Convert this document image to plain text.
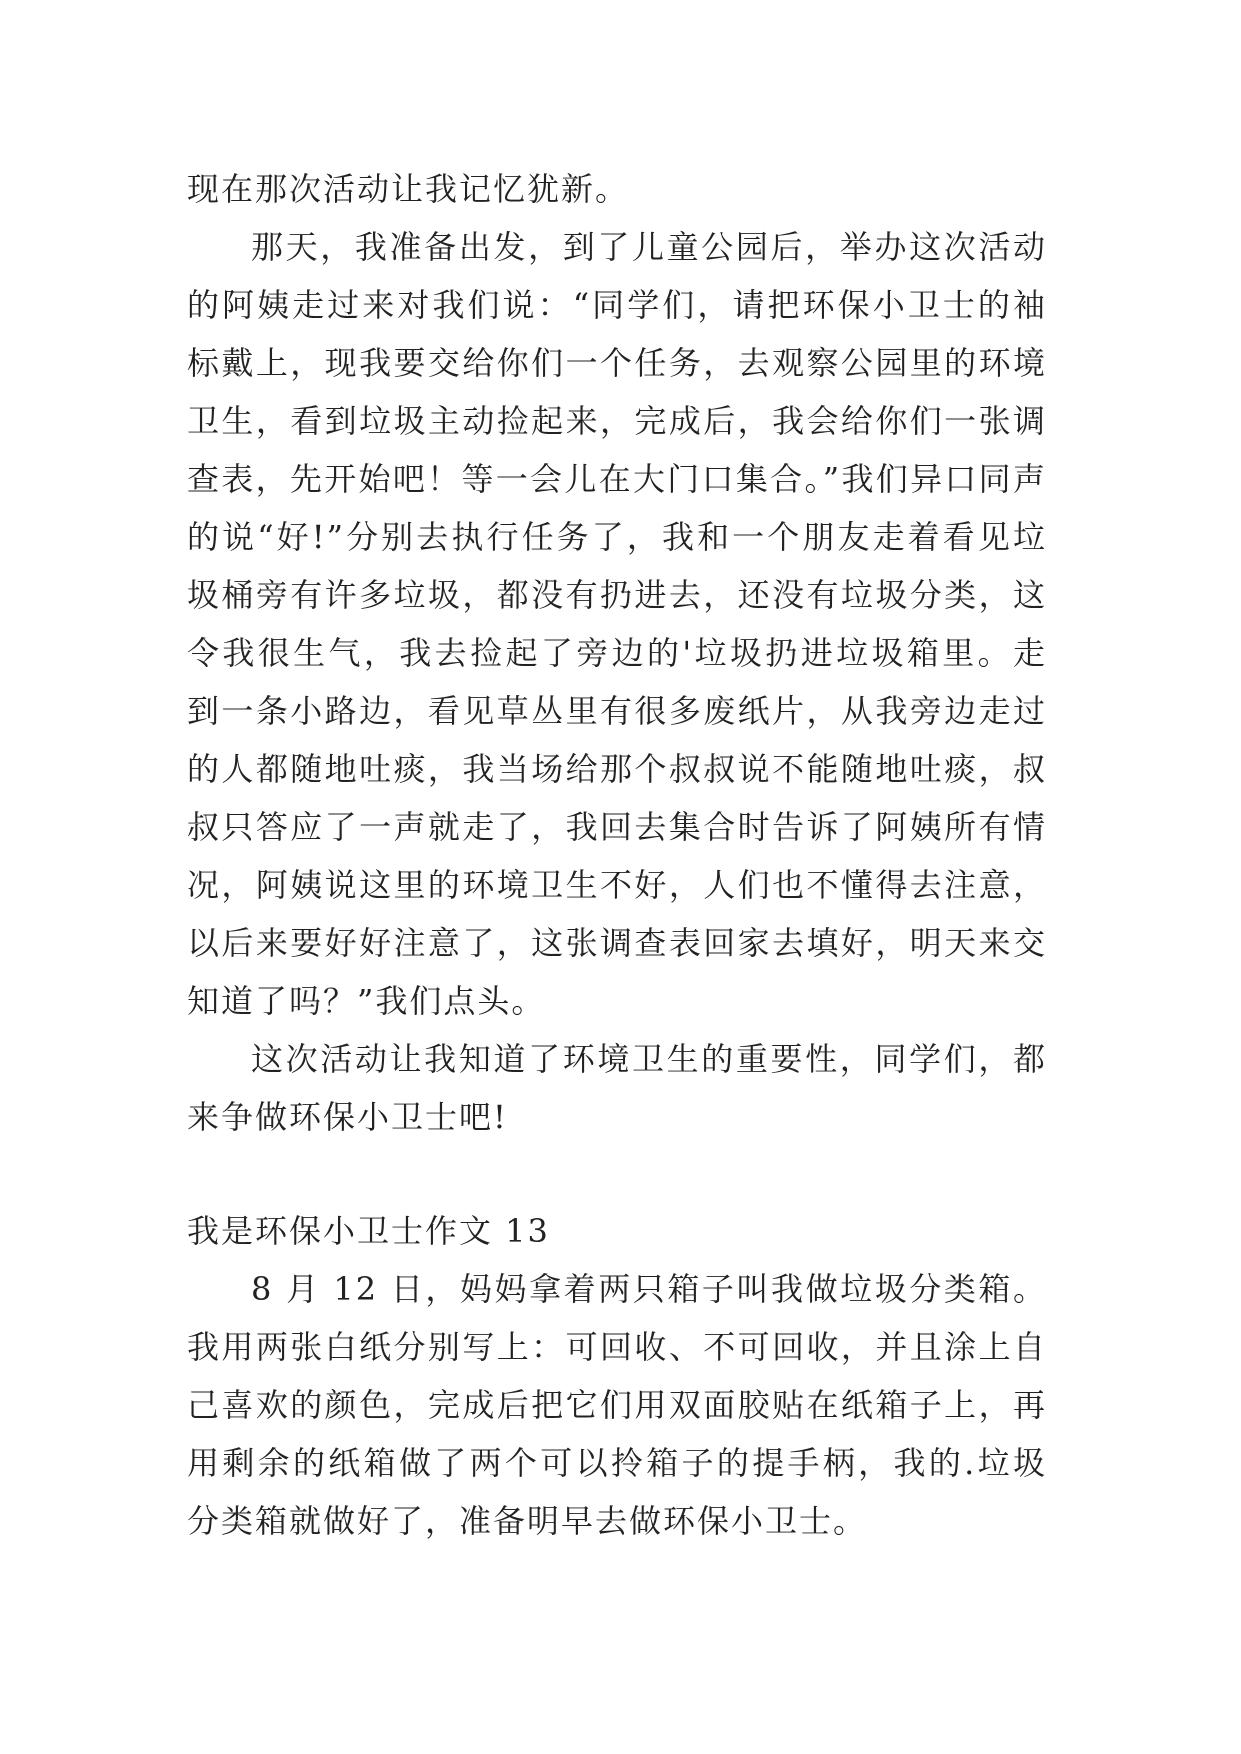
现在那次活动让我记忆犹新。

那天，我准备出发，到了儿童公园后，举办这次活动的阿姨走过来对我们说：“同学们，请把环保小卫士的袖标戴上，现我要交给你们一个任务，去观察公园里的环境卫生，看到垃圾主动捡起来，完成后，我会给你们一张调查表，先开始吧！等一会儿在大门口集合。”我们异口同声的说“好!”分别去执行任务了，我和一个朋友走着看见垃圾桶旁有许多垃圾，都没有扔进去，还没有垃圾分类，这令我很生气，我去捡起了旁边的'垃圾扔进垃圾箱里。走到一条小路边，看见草丛里有很多废纸片，从我旁边走过的人都随地吐痰，我当场给那个叔叔说不能随地吐痰，叔叔只答应了一声就走了，我回去集合时告诉了阿姨所有情况，阿姨说这里的环境卫生不好，人们也不懂得去注意，以后来要好好注意了，这张调查表回家去填好，明天来交知道了吗？”我们点头。

这次活动让我知道了环境卫生的重要性，同学们，都来争做环保小卫士吧!

我是环保小卫士作文 13

8 月 12 日，妈妈拿着两只箱子叫我做垃圾分类箱。我用两张白纸分别写上：可回收、不可回收，并且涂上自己喜欢的颜色，完成后把它们用双面胶贴在纸箱子上，再用剩余的纸箱做了两个可以拎箱子的提手柄，我的.垃圾分类箱就做好了，准备明早去做环保小卫士。
